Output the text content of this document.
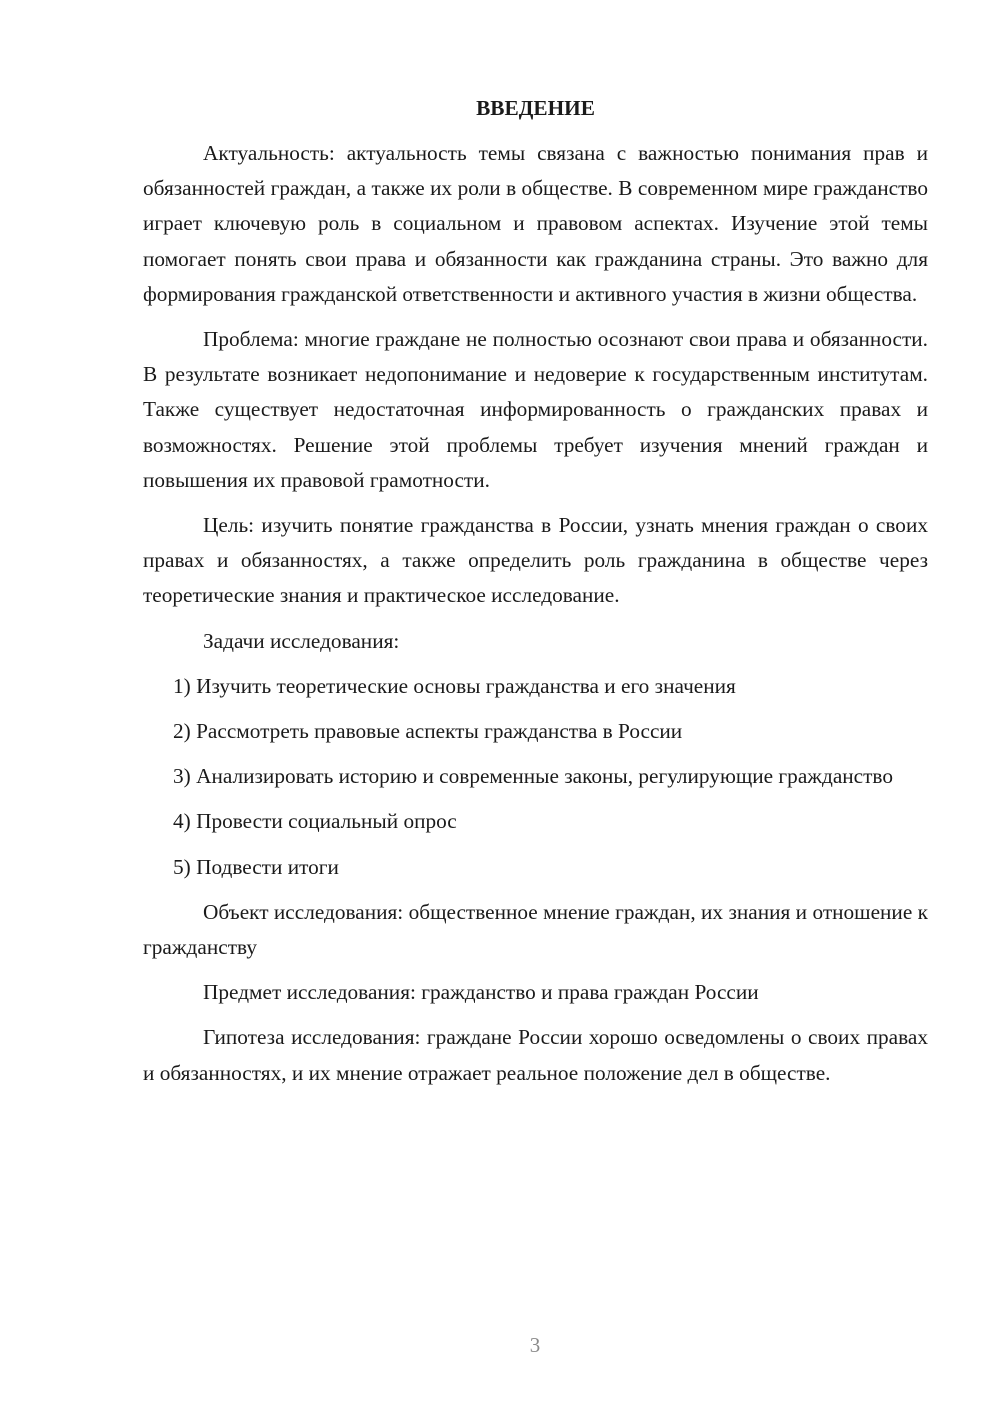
ВВЕДЕНИЕ

Актуальность: актуальность темы связана с важностью понимания прав и обязанностей граждан, а также их роли в обществе. В современном мире гражданство играет ключевую роль в социальном и правовом аспектах. Изучение этой темы помогает понять свои права и обязанности как гражданина страны. Это важно для формирования гражданской ответственности и активного участия в жизни общества.

Проблема: многие граждане не полностью осознают свои права и обязанности. В результате возникает недопонимание и недоверие к государственным институтам. Также существует недостаточная информированность о гражданских правах и возможностях. Решение этой проблемы требует изучения мнений граждан и повышения их правовой грамотности.

Цель: изучить понятие гражданства в России, узнать мнения граждан о своих правах и обязанностях, а также определить роль гражданина в обществе через теоретические знания и практическое исследование.

Задачи исследования:

1) Изучить теоретические основы гражданства и его значения

2) Рассмотреть правовые аспекты гражданства в России

3) Анализировать историю и современные законы, регулирующие гражданство

4) Провести социальный опрос

5) Подвести итоги

Объект исследования: общественное мнение граждан, их знания и отношение к гражданству

Предмет исследования: гражданство и права граждан России

Гипотеза исследования: граждане России хорошо осведомлены о своих правах и обязанностях, и их мнение отражает реальное положение дел в обществе.

3
